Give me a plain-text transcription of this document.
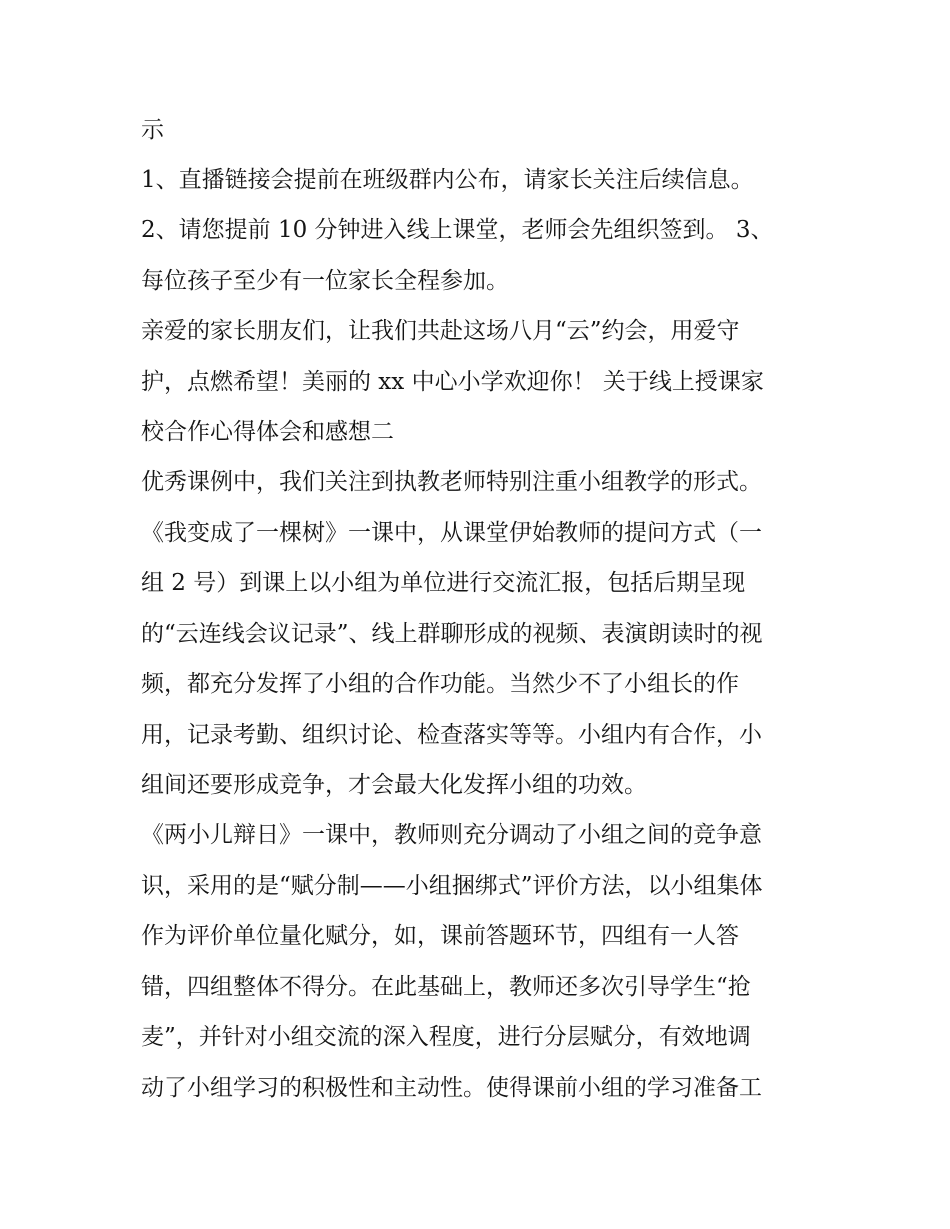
示
1、直播链接会提前在班级群内公布，请家长关注后续信息。
2、请您提前 10 分钟进入线上课堂，老师会先组织签到。 3、
每位孩子至少有一位家长全程参加。
亲爱的家长朋友们，让我们共赴这场八月“云”约会，用爱守
护，点燃希望！美丽的 xx 中心小学欢迎你！ 关于线上授课家
校合作心得体会和感想二
优秀课例中，我们关注到执教老师特别注重小组教学的形式。
《我变成了一棵树》一课中，从课堂伊始教师的提问方式（一
组 2 号）到课上以小组为单位进行交流汇报，包括后期呈现
的“云连线会议记录”、线上群聊形成的视频、表演朗读时的视
频，都充分发挥了小组的合作功能。当然少不了小组长的作
用，记录考勤、组织讨论、检查落实等等。小组内有合作，小
组间还要形成竞争，才会最大化发挥小组的功效。
《两小儿辩日》一课中，教师则充分调动了小组之间的竞争意
识，采用的是“赋分制——小组捆绑式”评价方法，以小组集体
作为评价单位量化赋分，如，课前答题环节，四组有一人答
错，四组整体不得分。在此基础上，教师还多次引导学生“抢
麦”，并针对小组交流的深入程度，进行分层赋分，有效地调
动了小组学习的积极性和主动性。使得课前小组的学习准备工
